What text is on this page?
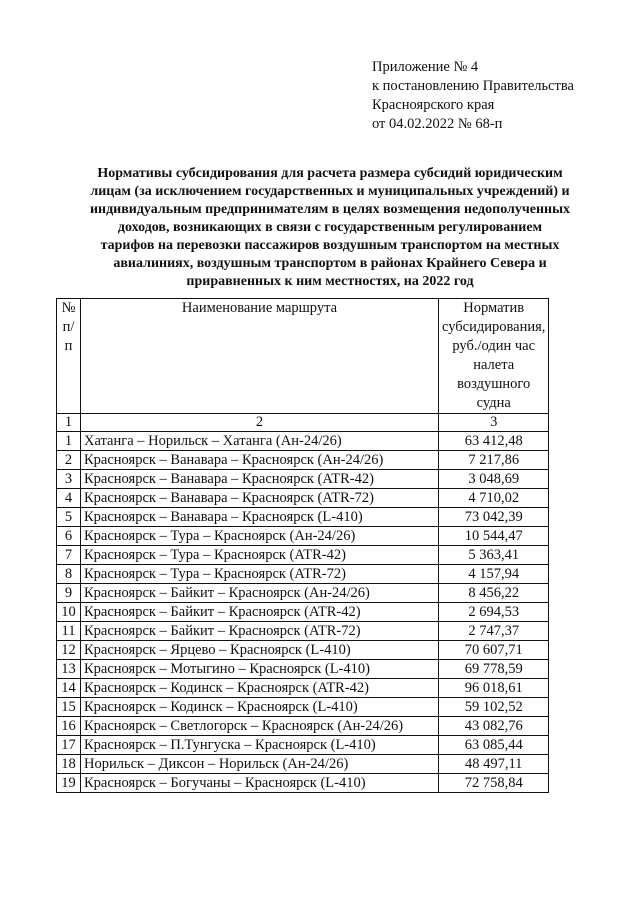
Приложение № 4
к постановлению Правительства
Красноярского края
от 04.02.2022 № 68-п
Нормативы субсидирования для расчета размера субсидий юридическим
лицам (за исключением государственных и муниципальных учреждений) и
индивидуальным предпринимателям в целях возмещения недополученных
доходов, возникающих в связи с государственным регулированием
тарифов на перевозки пассажиров воздушным транспортом на местных
авиалиниях, воздушным транспортом в районах Крайнего Севера и
приравненных к ним местностях, на 2022 год
№ п/п	Наименование маршрута	Норматив субсидирования, руб./один час налета воздушного судна
1	2	3
1	Хатанга – Норильск – Хатанга (Ан-24/26)	63 412,48
2	Красноярск – Ванавара – Красноярск (Ан-24/26)	7 217,86
3	Красноярск – Ванавара – Красноярск (ATR-42)	3 048,69
4	Красноярск – Ванавара – Красноярск (ATR-72)	4 710,02
5	Красноярск – Ванавара – Красноярск (L-410)	73 042,39
6	Красноярск – Тура – Красноярск (Ан-24/26)	10 544,47
7	Красноярск – Тура – Красноярск (ATR-42)	5 363,41
8	Красноярск – Тура – Красноярск (ATR-72)	4 157,94
9	Красноярск – Байкит – Красноярск (Ан-24/26)	8 456,22
10	Красноярск – Байкит – Красноярск (ATR-42)	2 694,53
11	Красноярск – Байкит – Красноярск (ATR-72)	2 747,37
12	Красноярск – Ярцево – Красноярск (L-410)	70 607,71
13	Красноярск – Мотыгино – Красноярск (L-410)	69 778,59
14	Красноярск – Кодинск – Красноярск (ATR-42)	96 018,61
15	Красноярск – Кодинск – Красноярск (L-410)	59 102,52
16	Красноярск – Светлогорск – Красноярск (Ан-24/26)	43 082,76
17	Красноярск – П.Тунгуска – Красноярск (L-410)	63 085,44
18	Норильск – Диксон – Норильск (Ан-24/26)	48 497,11
19	Красноярск – Богучаны – Красноярск (L-410)	72 758,84
